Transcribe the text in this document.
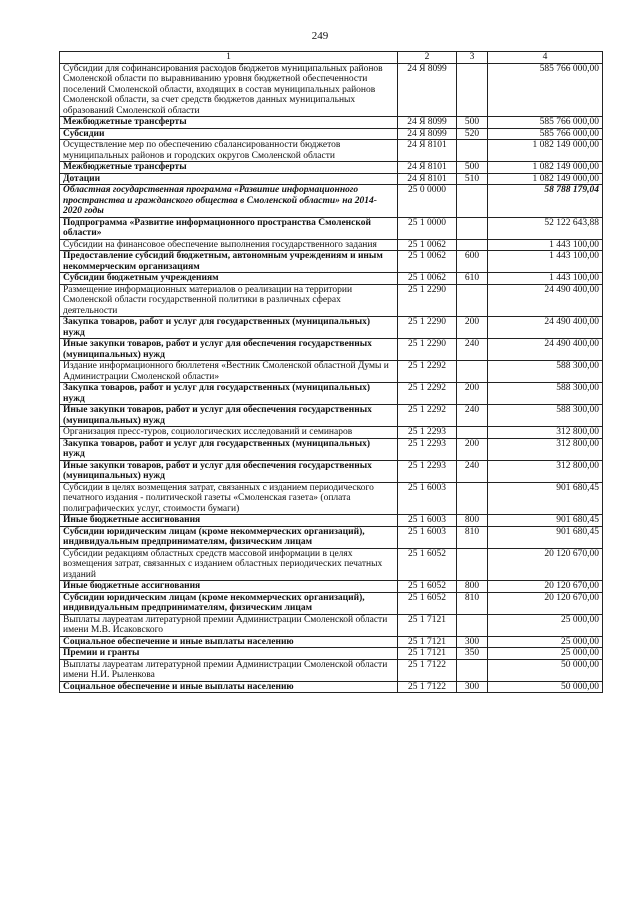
249
1	2	3	4
Субсидии для софинансирования расходов бюджетов муниципальных районов Смоленской области по выравниванию уровня бюджетной обеспеченности поселений Смоленской области, входящих в состав муниципальных районов Смоленской области, за счет средств бюджетов данных муниципальных образований Смоленской области	24 Я 8099		585 766 000,00
Межбюджетные трансферты	24 Я 8099	500	585 766 000,00
Субсидии	24 Я 8099	520	585 766 000,00
Осуществление мер по обеспечению сбалансированности бюджетов муниципальных районов и городских округов Смоленской области	24 Я 8101		1 082 149 000,00
Межбюджетные трансферты	24 Я 8101	500	1 082 149 000,00
Дотации	24 Я 8101	510	1 082 149 000,00
Областная государственная программа «Развитие информационного пространства и гражданского общества в Смоленской области» на 2014-2020 годы	25 0 0000		58 788 179,04
Подпрограмма «Развитие информационного пространства Смоленской области»	25 1 0000		52 122 643,88
Субсидии на финансовое обеспечение выполнения государственного задания	25 1 0062		1 443 100,00
Предоставление субсидий бюджетным, автономным учреждениям и иным некоммерческим организациям	25 1 0062	600	1 443 100,00
Субсидии бюджетным учреждениям	25 1 0062	610	1 443 100,00
Размещение информационных материалов о реализации на территории Смоленской области государственной политики в различных сферах деятельности	25 1 2290		24 490 400,00
Закупка товаров, работ и услуг для государственных (муниципальных) нужд	25 1 2290	200	24 490 400,00
Иные закупки товаров, работ и услуг для обеспечения государственных (муниципальных) нужд	25 1 2290	240	24 490 400,00
Издание информационного бюллетеня «Вестник Смоленской областной Думы и Администрации Смоленской области»	25 1 2292		588 300,00
Закупка товаров, работ и услуг для государственных (муниципальных) нужд	25 1 2292	200	588 300,00
Иные закупки товаров, работ и услуг для обеспечения государственных (муниципальных) нужд	25 1 2292	240	588 300,00
Организация пресс-туров, социологических исследований и семинаров	25 1 2293		312 800,00
Закупка товаров, работ и услуг для государственных (муниципальных) нужд	25 1 2293	200	312 800,00
Иные закупки товаров, работ и услуг для обеспечения государственных (муниципальных) нужд	25 1 2293	240	312 800,00
Субсидии в целях возмещения затрат, связанных с изданием периодического печатного издания - политической газеты «Смоленская газета» (оплата полиграфических услуг, стоимости бумаги)	25 1 6003		901 680,45
Иные бюджетные ассигнования	25 1 6003	800	901 680,45
Субсидии юридическим лицам (кроме некоммерческих организаций), индивидуальным предпринимателям, физическим лицам	25 1 6003	810	901 680,45
Субсидии редакциям областных средств массовой информации в целях возмещения затрат, связанных с изданием областных периодических печатных изданий	25 1 6052		20 120 670,00
Иные бюджетные ассигнования	25 1 6052	800	20 120 670,00
Субсидии юридическим лицам (кроме некоммерческих организаций), индивидуальным предпринимателям, физическим лицам	25 1 6052	810	20 120 670,00
Выплаты лауреатам литературной премии Администрации Смоленской области имени М.В. Исаковского	25 1 7121		25 000,00
Социальное обеспечение и иные выплаты населению	25 1 7121	300	25 000,00
Премии и гранты	25 1 7121	350	25 000,00
Выплаты лауреатам литературной премии Администрации Смоленской области имени Н.И. Рыленкова	25 1 7122		50 000,00
Социальное обеспечение и иные выплаты населению	25 1 7122	300	50 000,00
